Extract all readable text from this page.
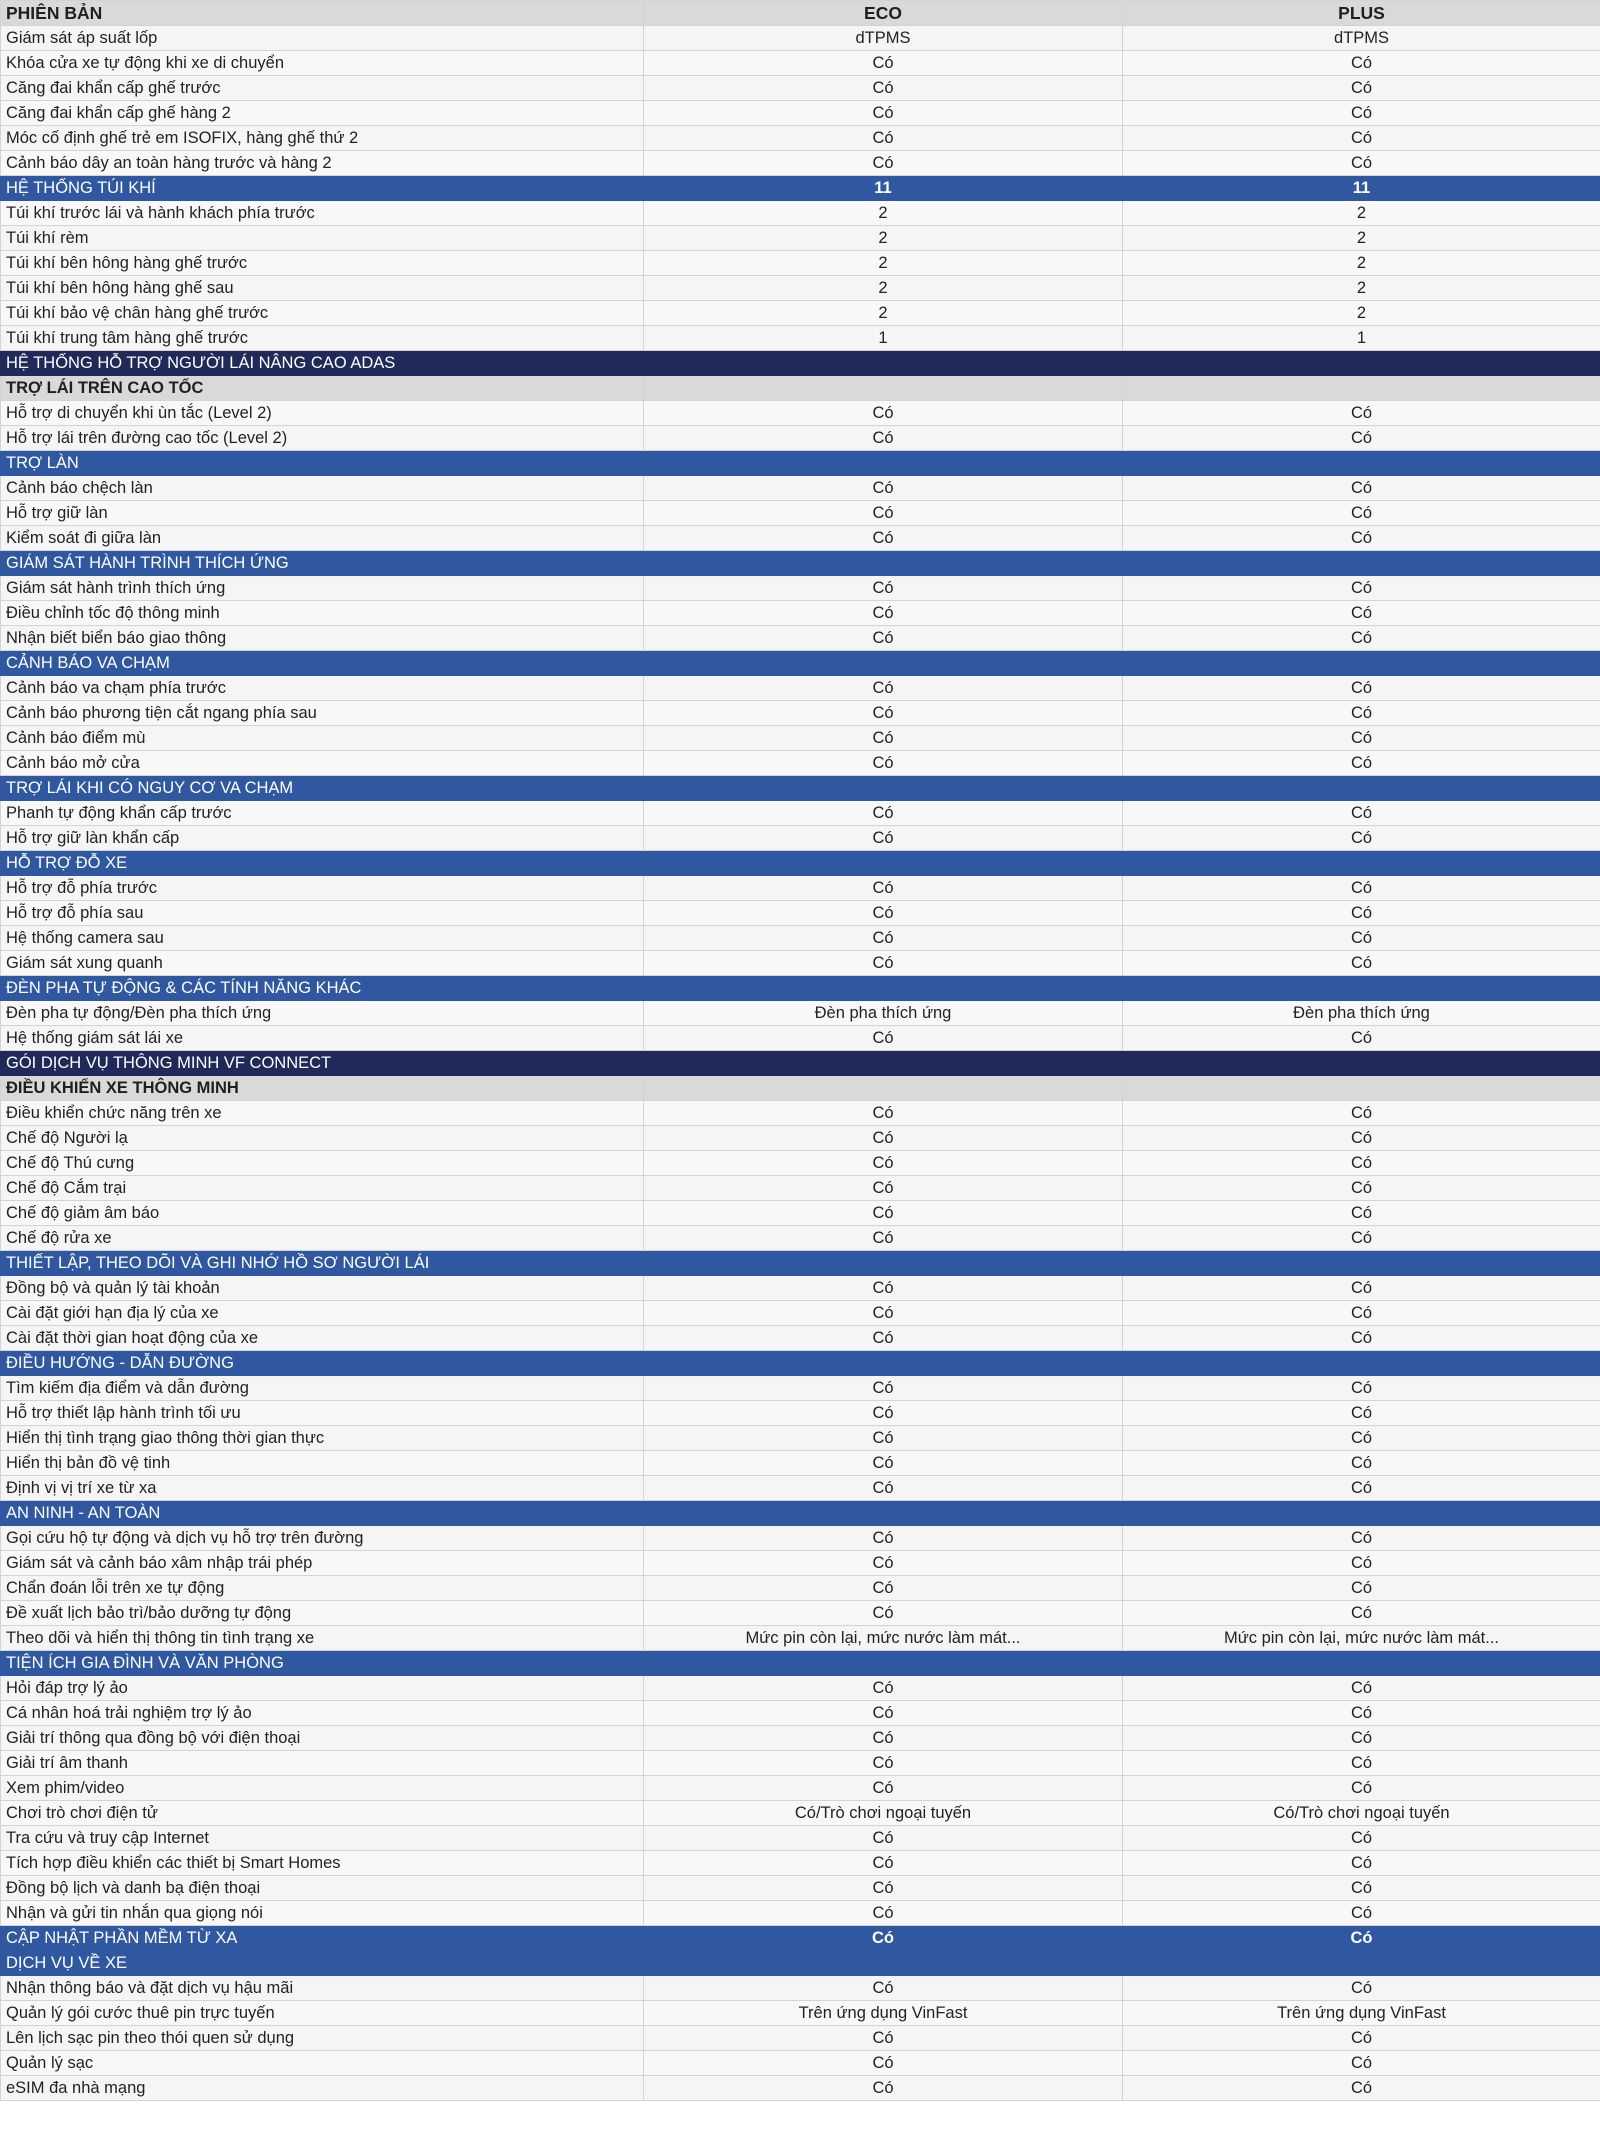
PHIÊN BẢN	ECO	PLUS
Giám sát áp suất lốp	dTPMS	dTPMS
Khóa cửa xe tự động khi xe di chuyển	Có	Có
Căng đai khẩn cấp ghế trước	Có	Có
Căng đai khẩn cấp ghế hàng 2	Có	Có
Móc cố định ghế trẻ em ISOFIX, hàng ghế thứ 2	Có	Có
Cảnh báo dây an toàn hàng trước và hàng 2	Có	Có
HỆ THỐNG TÚI KHÍ	11	11
Túi khí trước lái và hành khách phía trước	2	2
Túi khí rèm	2	2
Túi khí bên hông hàng ghế trước	2	2
Túi khí bên hông hàng ghế sau	2	2
Túi khí bảo vệ chân hàng ghế trước	2	2
Túi khí trung tâm hàng ghế trước	1	1
HỆ THỐNG HỖ TRỢ NGƯỜI LÁI NÂNG CAO ADAS		
TRỢ LÁI TRÊN CAO TỐC		
Hỗ trợ di chuyển khi ùn tắc (Level 2)	Có	Có
Hỗ trợ lái trên đường cao tốc (Level 2)	Có	Có
TRỢ LÀN		
Cảnh báo chệch làn	Có	Có
Hỗ trợ giữ làn	Có	Có
Kiểm soát đi giữa làn	Có	Có
GIÁM SÁT HÀNH TRÌNH THÍCH ỨNG		
Giám sát hành trình thích ứng	Có	Có
Điều chỉnh tốc độ thông minh	Có	Có
Nhận biết biển báo giao thông	Có	Có
CẢNH BÁO VA CHẠM		
Cảnh báo va chạm phía trước	Có	Có
Cảnh báo phương tiện cắt ngang phía sau	Có	Có
Cảnh báo điểm mù	Có	Có
Cảnh báo mở cửa	Có	Có
TRỢ LÁI KHI CÓ NGUY CƠ VA CHẠM		
Phanh tự động khẩn cấp trước	Có	Có
Hỗ trợ giữ làn khẩn cấp	Có	Có
HỖ TRỢ ĐỖ XE		
Hỗ trợ đỗ phía trước	Có	Có
Hỗ trợ đỗ phía sau	Có	Có
Hệ thống camera sau	Có	Có
Giám sát xung quanh	Có	Có
ĐÈN PHA TỰ ĐỘNG & CÁC TÍNH NĂNG KHÁC		
Đèn pha tự động/Đèn pha thích ứng	Đèn pha thích ứng	Đèn pha thích ứng
Hệ thống giám sát lái xe	Có	Có
GÓI DỊCH VỤ THÔNG MINH VF CONNECT		
ĐIỀU KHIỂN XE THÔNG MINH		
Điều khiển chức năng trên xe	Có	Có
Chế độ Người lạ	Có	Có
Chế độ Thú cưng	Có	Có
Chế độ Cắm trại	Có	Có
Chế độ giảm âm báo	Có	Có
Chế độ rửa xe	Có	Có
THIẾT LẬP, THEO DÕI VÀ GHI NHỚ HỒ SƠ NGƯỜI LÁI		
Đồng bộ và quản lý tài khoản	Có	Có
Cài đặt giới hạn địa lý của xe	Có	Có
Cài đặt thời gian hoạt động của xe	Có	Có
ĐIỀU HƯỚNG - DẪN ĐƯỜNG		
Tìm kiếm địa điểm và dẫn đường	Có	Có
Hỗ trợ thiết lập hành trình tối ưu	Có	Có
Hiển thị tình trạng giao thông thời gian thực	Có	Có
Hiển thị bản đồ vệ tinh	Có	Có
Định vị vị trí xe từ xa	Có	Có
AN NINH - AN TOÀN		
Gọi cứu hộ tự động và dịch vụ hỗ trợ trên đường	Có	Có
Giám sát và cảnh báo xâm nhập trái phép	Có	Có
Chẩn đoán lỗi trên xe tự động	Có	Có
Đề xuất lịch bảo trì/bảo dưỡng tự động	Có	Có
Theo dõi và hiển thị thông tin tình trạng xe	Mức pin còn lại, mức nước làm mát...	Mức pin còn lại, mức nước làm mát...
TIỆN ÍCH GIA ĐÌNH VÀ VĂN PHÒNG		
Hỏi đáp trợ lý ảo	Có	Có
Cá nhân hoá trải nghiệm trợ lý ảo	Có	Có
Giải trí thông qua đồng bộ với điện thoại	Có	Có
Giải trí âm thanh	Có	Có
Xem phim/video	Có	Có
Chơi trò chơi điện tử	Có/Trò chơi ngoại tuyến	Có/Trò chơi ngoại tuyến
Tra cứu và truy cập Internet	Có	Có
Tích hợp điều khiển các thiết bị Smart Homes	Có	Có
Đồng bộ lịch và danh bạ điện thoại	Có	Có
Nhận và gửi tin nhắn qua giọng nói	Có	Có
CẬP NHẬT PHẦN MỀM TỪ XA	Có	Có
DỊCH VỤ VỀ XE		
Nhận thông báo và đặt dịch vụ hậu mãi	Có	Có
Quản lý gói cước thuê pin trực tuyến	Trên ứng dụng VinFast	Trên ứng dụng VinFast
Lên lịch sạc pin theo thói quen sử dụng	Có	Có
Quản lý sạc	Có	Có
eSIM đa nhà mạng	Có	Có
